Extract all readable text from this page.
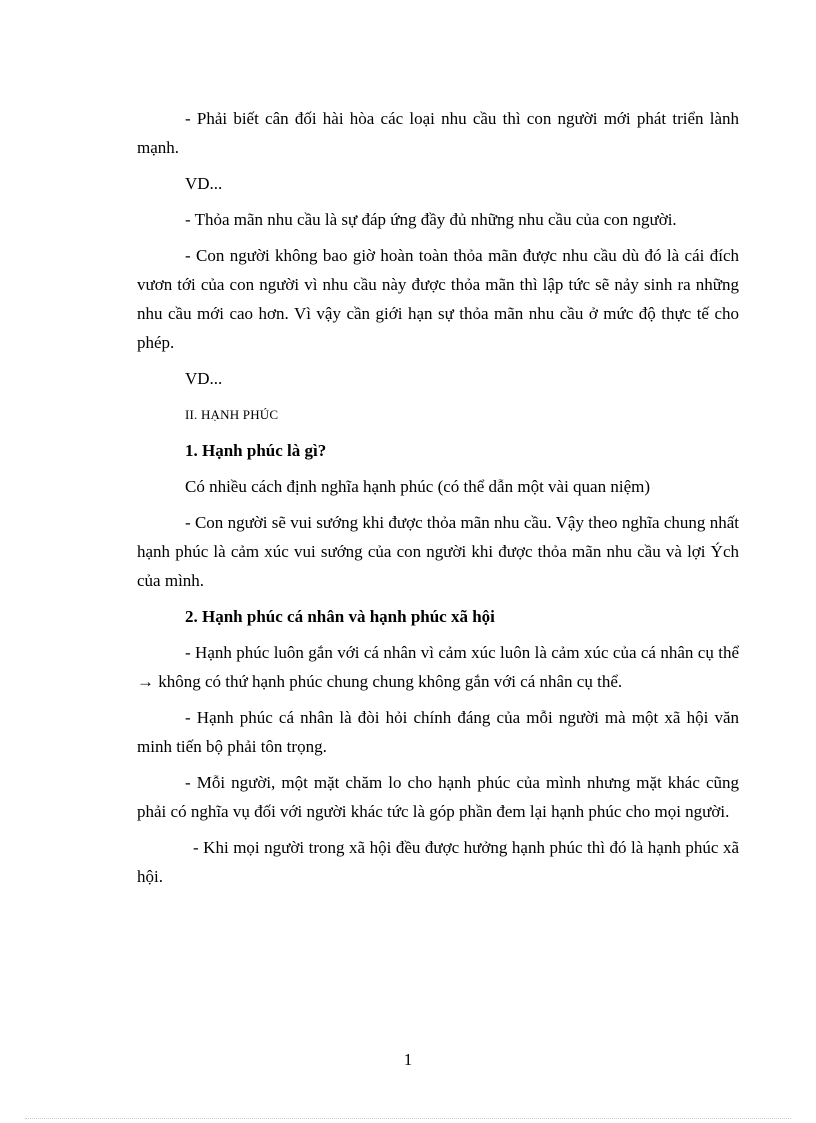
- Phải biết cân đối hài hòa các loại nhu cầu thì con người mới phát triển lành mạnh.

VD...

- Thỏa mãn nhu cầu là sự đáp ứng đầy đủ những nhu cầu của con người.

- Con người không bao giờ hoàn toàn thỏa mãn được nhu cầu dù đó là cái đích vươn tới của con người vì nhu cầu này được thỏa mãn thì lập tức sẽ nảy sinh ra những nhu cầu mới cao hơn. Vì vậy cần giới hạn sự thỏa mãn nhu cầu ở mức độ thực tế cho phép.

VD...

II. HẠNH PHÚC

1. Hạnh phúc là gì?

Có nhiều cách định nghĩa hạnh phúc (có thể dẫn một vài quan niệm)

- Con người sẽ vui sướng khi được thỏa mãn nhu cầu. Vậy theo nghĩa chung nhất hạnh phúc là cảm xúc vui sướng của con người khi được thỏa mãn nhu cầu và lợi Ých của mình.

2. Hạnh phúc cá nhân và hạnh phúc xã hội

- Hạnh phúc luôn gắn với cá nhân vì cảm xúc luôn là cảm xúc của cá nhân cụ thể → không có thứ hạnh phúc chung chung không gắn với cá nhân cụ thể.

- Hạnh phúc cá nhân là đòi hỏi chính đáng của mỗi người mà một xã hội văn minh tiến bộ phải tôn trọng.

- Mỗi người, một mặt chăm lo cho hạnh phúc của mình nhưng mặt khác cũng phải có nghĩa vụ đối với người khác tức là góp phần đem lại hạnh phúc cho mọi người.

- Khi mọi người trong xã hội đều được hưởng hạnh phúc thì đó là hạnh phúc xã hội.

1
